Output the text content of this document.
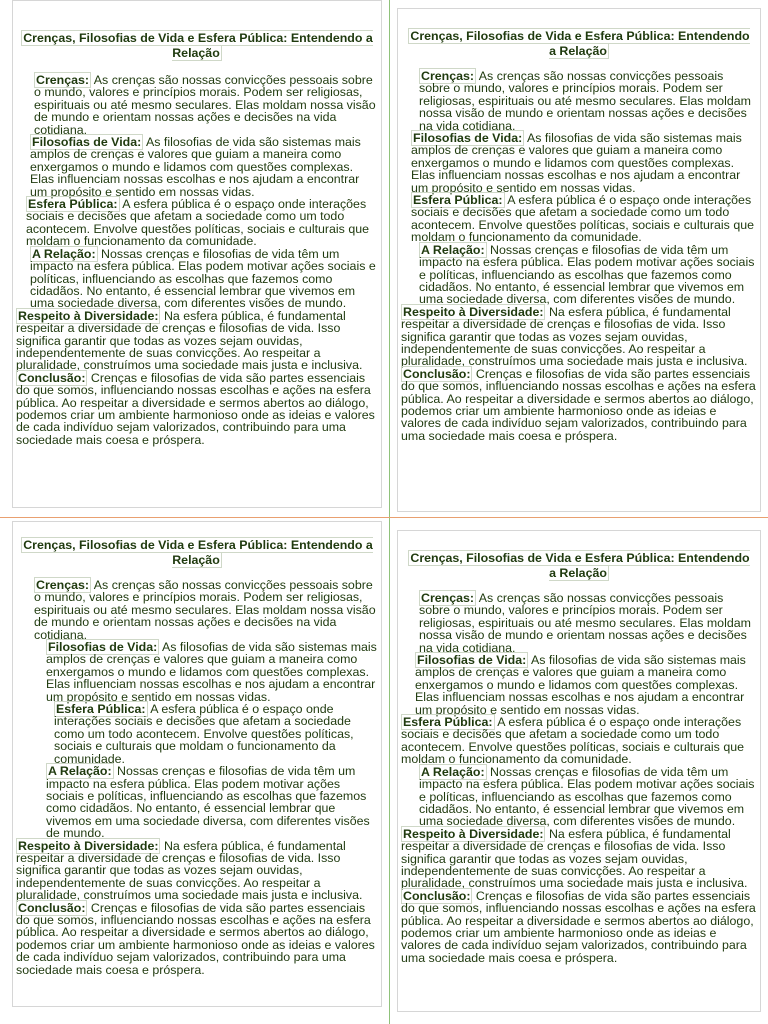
Crenças, Filosofias de Vida e Esfera Pública: Entendendo a Relação

Crenças: As crenças são nossas convicções pessoais sobre o mundo, valores e princípios morais. Podem ser religiosas, espirituais ou até mesmo seculares. Elas moldam nossa visão de mundo e orientam nossas ações e decisões na vida cotidiana.

Filosofias de Vida: As filosofias de vida são sistemas mais amplos de crenças e valores que guiam a maneira como enxergamos o mundo e lidamos com questões complexas. Elas influenciam nossas escolhas e nos ajudam a encontrar um propósito e sentido em nossas vidas.

Esfera Pública: A esfera pública é o espaço onde interações sociais e decisões que afetam a sociedade como um todo acontecem. Envolve questões políticas, sociais e culturais que moldam o funcionamento da comunidade.

A Relação: Nossas crenças e filosofias de vida têm um impacto na esfera pública. Elas podem motivar ações sociais e políticas, influenciando as escolhas que fazemos como cidadãos. No entanto, é essencial lembrar que vivemos em uma sociedade diversa, com diferentes visões de mundo.

Respeito à Diversidade: Na esfera pública, é fundamental respeitar a diversidade de crenças e filosofias de vida. Isso significa garantir que todas as vozes sejam ouvidas, independentemente de suas convicções. Ao respeitar a pluralidade, construímos uma sociedade mais justa e inclusiva.

Conclusão: Crenças e filosofias de vida são partes essenciais do que somos, influenciando nossas escolhas e ações na esfera pública. Ao respeitar a diversidade e sermos abertos ao diálogo, podemos criar um ambiente harmonioso onde as ideias e valores de cada indivíduo sejam valorizados, contribuindo para uma sociedade mais coesa e próspera.

Crenças, Filosofias de Vida e Esfera Pública: Entendendo a Relação

Crenças: As crenças são nossas convicções pessoais sobre o mundo, valores e princípios morais. Podem ser religiosas, espirituais ou até mesmo seculares. Elas moldam nossa visão de mundo e orientam nossas ações e decisões na vida cotidiana.

Filosofias de Vida: As filosofias de vida são sistemas mais amplos de crenças e valores que guiam a maneira como enxergamos o mundo e lidamos com questões complexas. Elas influenciam nossas escolhas e nos ajudam a encontrar um propósito e sentido em nossas vidas.

Esfera Pública: A esfera pública é o espaço onde interações sociais e decisões que afetam a sociedade como um todo acontecem. Envolve questões políticas, sociais e culturais que moldam o funcionamento da comunidade.

A Relação: Nossas crenças e filosofias de vida têm um impacto na esfera pública. Elas podem motivar ações sociais e políticas, influenciando as escolhas que fazemos como cidadãos. No entanto, é essencial lembrar que vivemos em uma sociedade diversa, com diferentes visões de mundo.

Respeito à Diversidade: Na esfera pública, é fundamental respeitar a diversidade de crenças e filosofias de vida. Isso significa garantir que todas as vozes sejam ouvidas, independentemente de suas convicções. Ao respeitar a pluralidade, construímos uma sociedade mais justa e inclusiva.

Conclusão: Crenças e filosofias de vida são partes essenciais do que somos, influenciando nossas escolhas e ações na esfera pública. Ao respeitar a diversidade e sermos abertos ao diálogo, podemos criar um ambiente harmonioso onde as ideias e valores de cada indivíduo sejam valorizados, contribuindo para uma sociedade mais coesa e próspera.

Crenças, Filosofias de Vida e Esfera Pública: Entendendo a Relação

Crenças: As crenças são nossas convicções pessoais sobre o mundo, valores e princípios morais. Podem ser religiosas, espirituais ou até mesmo seculares. Elas moldam nossa visão de mundo e orientam nossas ações e decisões na vida cotidiana.

Filosofias de Vida: As filosofias de vida são sistemas mais amplos de crenças e valores que guiam a maneira como enxergamos o mundo e lidamos com questões complexas. Elas influenciam nossas escolhas e nos ajudam a encontrar um propósito e sentido em nossas vidas.

Esfera Pública: A esfera pública é o espaço onde interações sociais e decisões que afetam a sociedade como um todo acontecem. Envolve questões políticas, sociais e culturais que moldam o funcionamento da comunidade.

A Relação: Nossas crenças e filosofias de vida têm um impacto na esfera pública. Elas podem motivar ações sociais e políticas, influenciando as escolhas que fazemos como cidadãos. No entanto, é essencial lembrar que vivemos em uma sociedade diversa, com diferentes visões de mundo.

Respeito à Diversidade: Na esfera pública, é fundamental respeitar a diversidade de crenças e filosofias de vida. Isso significa garantir que todas as vozes sejam ouvidas, independentemente de suas convicções. Ao respeitar a pluralidade, construímos uma sociedade mais justa e inclusiva.

Conclusão: Crenças e filosofias de vida são partes essenciais do que somos, influenciando nossas escolhas e ações na esfera pública. Ao respeitar a diversidade e sermos abertos ao diálogo, podemos criar um ambiente harmonioso onde as ideias e valores de cada indivíduo sejam valorizados, contribuindo para uma sociedade mais coesa e próspera.

Crenças, Filosofias de Vida e Esfera Pública: Entendendo a Relação

Crenças: As crenças são nossas convicções pessoais sobre o mundo, valores e princípios morais. Podem ser religiosas, espirituais ou até mesmo seculares. Elas moldam nossa visão de mundo e orientam nossas ações e decisões na vida cotidiana.

Filosofias de Vida: As filosofias de vida são sistemas mais amplos de crenças e valores que guiam a maneira como enxergamos o mundo e lidamos com questões complexas. Elas influenciam nossas escolhas e nos ajudam a encontrar um propósito e sentido em nossas vidas.

Esfera Pública: A esfera pública é o espaço onde interações sociais e decisões que afetam a sociedade como um todo acontecem. Envolve questões políticas, sociais e culturais que moldam o funcionamento da comunidade.

A Relação: Nossas crenças e filosofias de vida têm um impacto na esfera pública. Elas podem motivar ações sociais e políticas, influenciando as escolhas que fazemos como cidadãos. No entanto, é essencial lembrar que vivemos em uma sociedade diversa, com diferentes visões de mundo.

Respeito à Diversidade: Na esfera pública, é fundamental respeitar a diversidade de crenças e filosofias de vida. Isso significa garantir que todas as vozes sejam ouvidas, independentemente de suas convicções. Ao respeitar a pluralidade, construímos uma sociedade mais justa e inclusiva.

Conclusão: Crenças e filosofias de vida são partes essenciais do que somos, influenciando nossas escolhas e ações na esfera pública. Ao respeitar a diversidade e sermos abertos ao diálogo, podemos criar um ambiente harmonioso onde as ideias e valores de cada indivíduo sejam valorizados, contribuindo para uma sociedade mais coesa e próspera.
